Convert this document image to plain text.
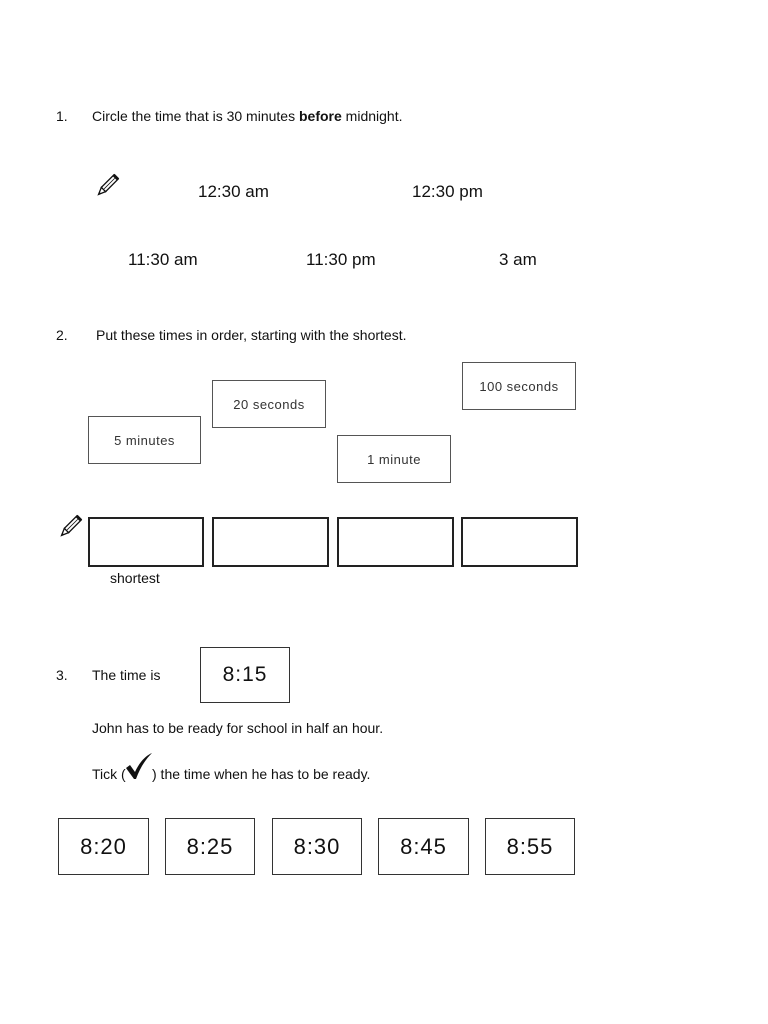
1. Circle the time that is 30 minutes before midnight.
12:30 am	12:30 pm
11:30 am	11:30 pm	3 am
2. Put these times in order, starting with the shortest.
5 minutes
20 seconds
1 minute
100 seconds
shortest
3. The time is	8:15
John has to be ready for school in half an hour.
Tick ( ) the time when he has to be ready.
8:20	8:25	8:30	8:45	8:55
